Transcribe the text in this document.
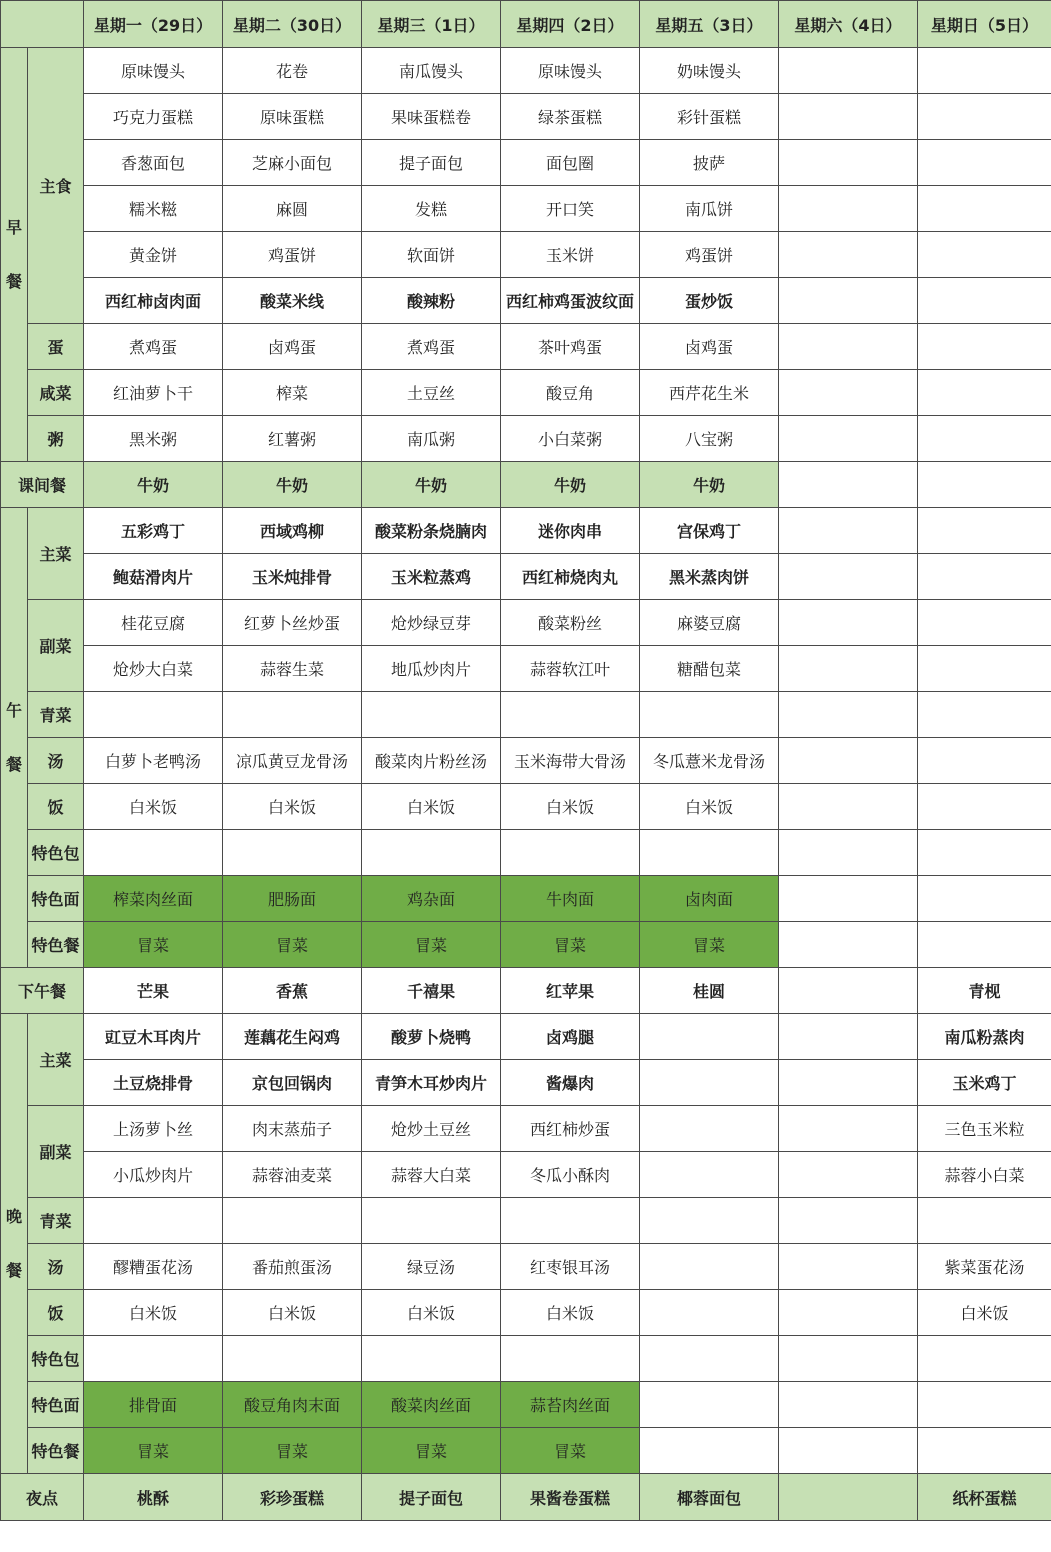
		星期一（29日）	星期二（30日）	星期三（1日）	星期四（2日）	星期五（3日）	星期六（4日）	星期日（5日）
早
餐	主食	原味馒头	花卷	南瓜馒头	原味馒头	奶味馒头		
		巧克力蛋糕	原味蛋糕	果味蛋糕卷	绿茶蛋糕	彩针蛋糕		
		香葱面包	芝麻小面包	提子面包	面包圈	披萨		
		糯米糍	麻圆	发糕	开口笑	南瓜饼		
		黄金饼	鸡蛋饼	软面饼	玉米饼	鸡蛋饼		
		西红柿卤肉面	酸菜米线	酸辣粉	西红柿鸡蛋波纹面	蛋炒饭		
	蛋	煮鸡蛋	卤鸡蛋	煮鸡蛋	茶叶鸡蛋	卤鸡蛋		
	咸菜	红油萝卜干	榨菜	土豆丝	酸豆角	西芹花生米		
	粥	黑米粥	红薯粥	南瓜粥	小白菜粥	八宝粥		
课间餐		牛奶	牛奶	牛奶	牛奶	牛奶		
午
餐	主菜	五彩鸡丁	西域鸡柳	酸菜粉条烧腩肉	迷你肉串	宫保鸡丁		
		鲍菇滑肉片	玉米炖排骨	玉米粒蒸鸡	西红柿烧肉丸	黑米蒸肉饼		
	副菜	桂花豆腐	红萝卜丝炒蛋	炝炒绿豆芽	酸菜粉丝	麻婆豆腐		
		炝炒大白菜	蒜蓉生菜	地瓜炒肉片	蒜蓉软江叶	糖醋包菜		
	青菜							
	汤	白萝卜老鸭汤	凉瓜黄豆龙骨汤	酸菜肉片粉丝汤	玉米海带大骨汤	冬瓜薏米龙骨汤		
	饭	白米饭	白米饭	白米饭	白米饭	白米饭		
	特色包							
	特色面	榨菜肉丝面	肥肠面	鸡杂面	牛肉面	卤肉面		
	特色餐	冒菜	冒菜	冒菜	冒菜	冒菜		
下午餐		芒果	香蕉	千禧果	红苹果	桂圆		青枧
晚
餐	主菜	豇豆木耳肉片	莲藕花生闷鸡	酸萝卜烧鸭	卤鸡腿			南瓜粉蒸肉
		土豆烧排骨	京包回锅肉	青笋木耳炒肉片	酱爆肉			玉米鸡丁
	副菜	上汤萝卜丝	肉末蒸茄子	炝炒土豆丝	西红柿炒蛋			三色玉米粒
		小瓜炒肉片	蒜蓉油麦菜	蒜蓉大白菜	冬瓜小酥肉			蒜蓉小白菜
	青菜							
	汤	醪糟蛋花汤	番茄煎蛋汤	绿豆汤	红枣银耳汤			紫菜蛋花汤
	饭	白米饭	白米饭	白米饭	白米饭			白米饭
	特色包							
	特色面	排骨面	酸豆角肉末面	酸菜肉丝面	蒜苔肉丝面			
	特色餐	冒菜	冒菜	冒菜	冒菜			
夜点		桃酥	彩珍蛋糕	提子面包	果酱卷蛋糕	椰蓉面包		纸杯蛋糕
